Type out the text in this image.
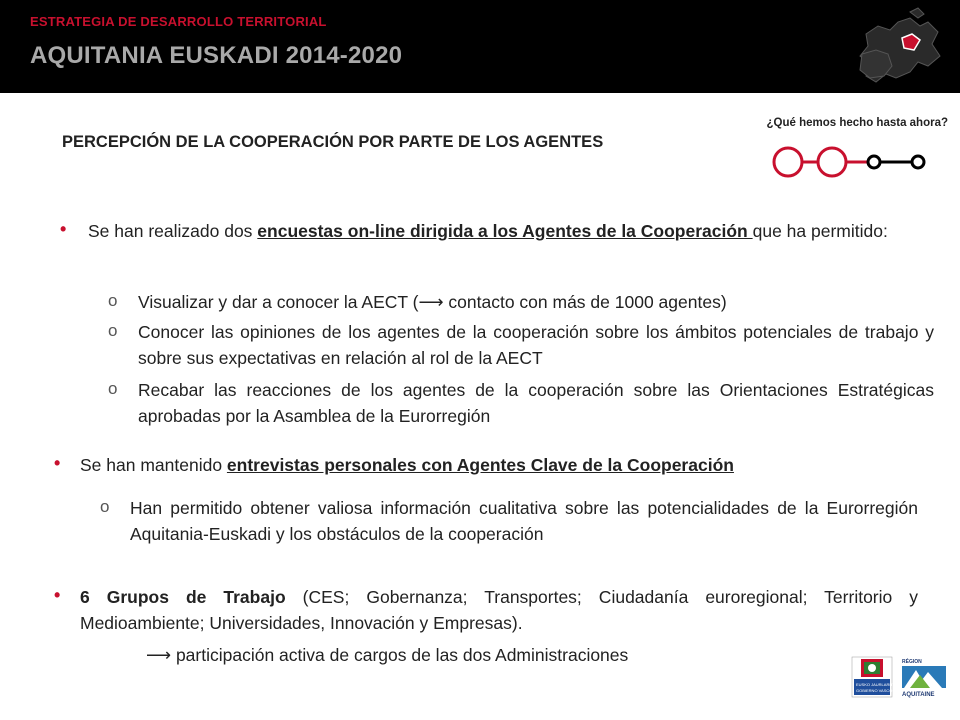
ESTRATEGIA DE DESARROLLO TERRITORIAL
AQUITANIA EUSKADI 2014-2020
¿Qué hemos hecho hasta ahora?
PERCEPCIÓN DE LA COOPERACIÓN POR PARTE DE LOS AGENTES
• Se han realizado dos encuestas on-line dirigida a los Agentes de la Cooperación que ha permitido:
o Visualizar y dar a conocer la AECT (⟶ contacto con más de 1000 agentes)
o Conocer las opiniones de los agentes de la cooperación sobre los ámbitos potenciales de trabajo y sobre sus expectativas en relación al rol de la AECT
o Recabar las reacciones de los agentes de la cooperación sobre las Orientaciones Estratégicas aprobadas por la Asamblea de la Eurorregión
• Se han mantenido entrevistas personales con Agentes Clave de la Cooperación
o Han permitido obtener valiosa información cualitativa sobre las potencialidades de la Eurorregión Aquitania-Euskadi y los obstáculos de la cooperación
• 6 Grupos de Trabajo (CES; Gobernanza; Transportes; Ciudadanía euroregional; Territorio y Medioambiente; Universidades, Innovación y Empresas).
⟶ participación activa de cargos de las dos Administraciones
EUSKO JAURLARITZA
GOBIERNO VASCO
RÉGION
AQUITAINE
